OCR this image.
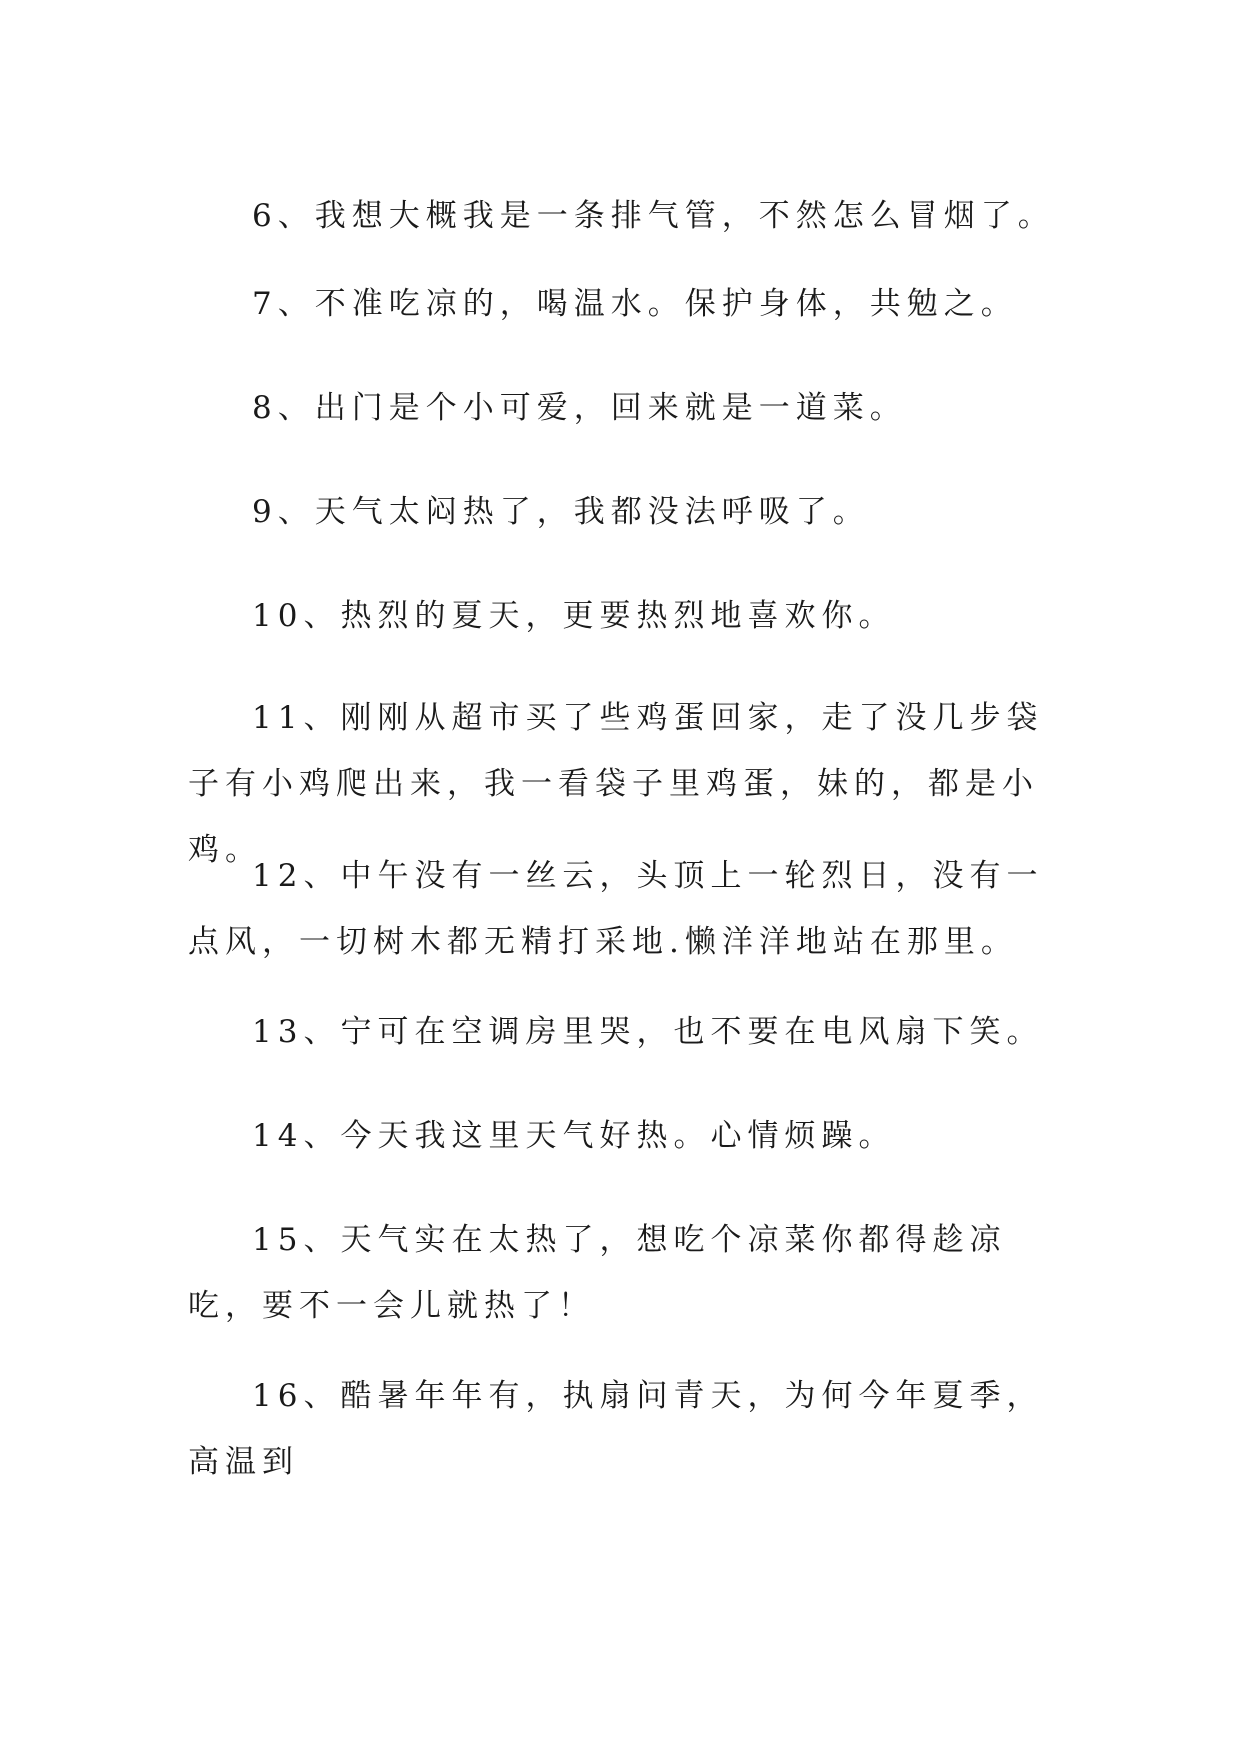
6、我想大概我是一条排气管，不然怎么冒烟了。

7、不准吃凉的，喝温水。保护身体，共勉之。

8、出门是个小可爱，回来就是一道菜。

9、天气太闷热了，我都没法呼吸了。

10、热烈的夏天，更要热烈地喜欢你。

11、刚刚从超市买了些鸡蛋回家，走了没几步袋子有小鸡爬出来，我一看袋子里鸡蛋，妹的，都是小鸡。

12、中午没有一丝云，头顶上一轮烈日，没有一点风，一切树木都无精打采地.懒洋洋地站在那里。

13、宁可在空调房里哭，也不要在电风扇下笑。

14、今天我这里天气好热。心情烦躁。

15、天气实在太热了，想吃个凉菜你都得趁凉吃，要不一会儿就热了！

16、酷暑年年有，执扇问青天，为何今年夏季，高温到
